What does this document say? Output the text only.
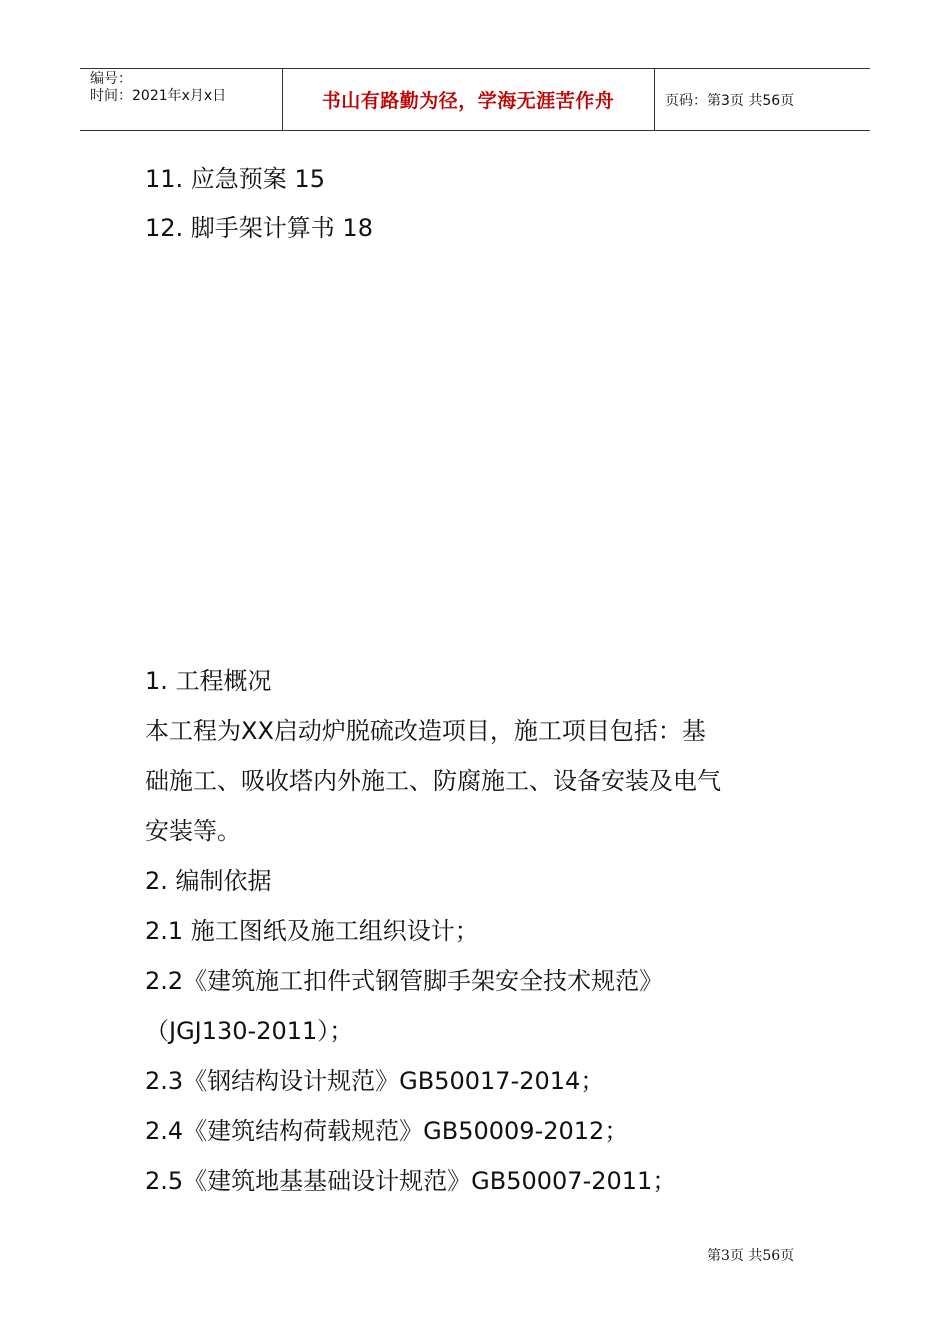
编号：
时间：2021年x月x日	书山有路勤为径，学海无涯苦作舟	页码：第3页 共56页
11. 应急预案 15
12. 脚手架计算书 18

1. 工程概况

本工程为XX启动炉脱硫改造项目，施工项目包括：基

础施工、吸收塔内外施工、防腐施工、设备安装及电气

安装等。

2. 编制依据

2.1 施工图纸及施工组织设计；

2.2《建筑施工扣件式钢管脚手架安全技术规范》

（JGJ130-2011）；

2.3《钢结构设计规范》GB50017-2014；

2.4《建筑结构荷载规范》GB50009-2012；

2.5《建筑地基基础设计规范》GB50007-2011；

第3页 共56页
